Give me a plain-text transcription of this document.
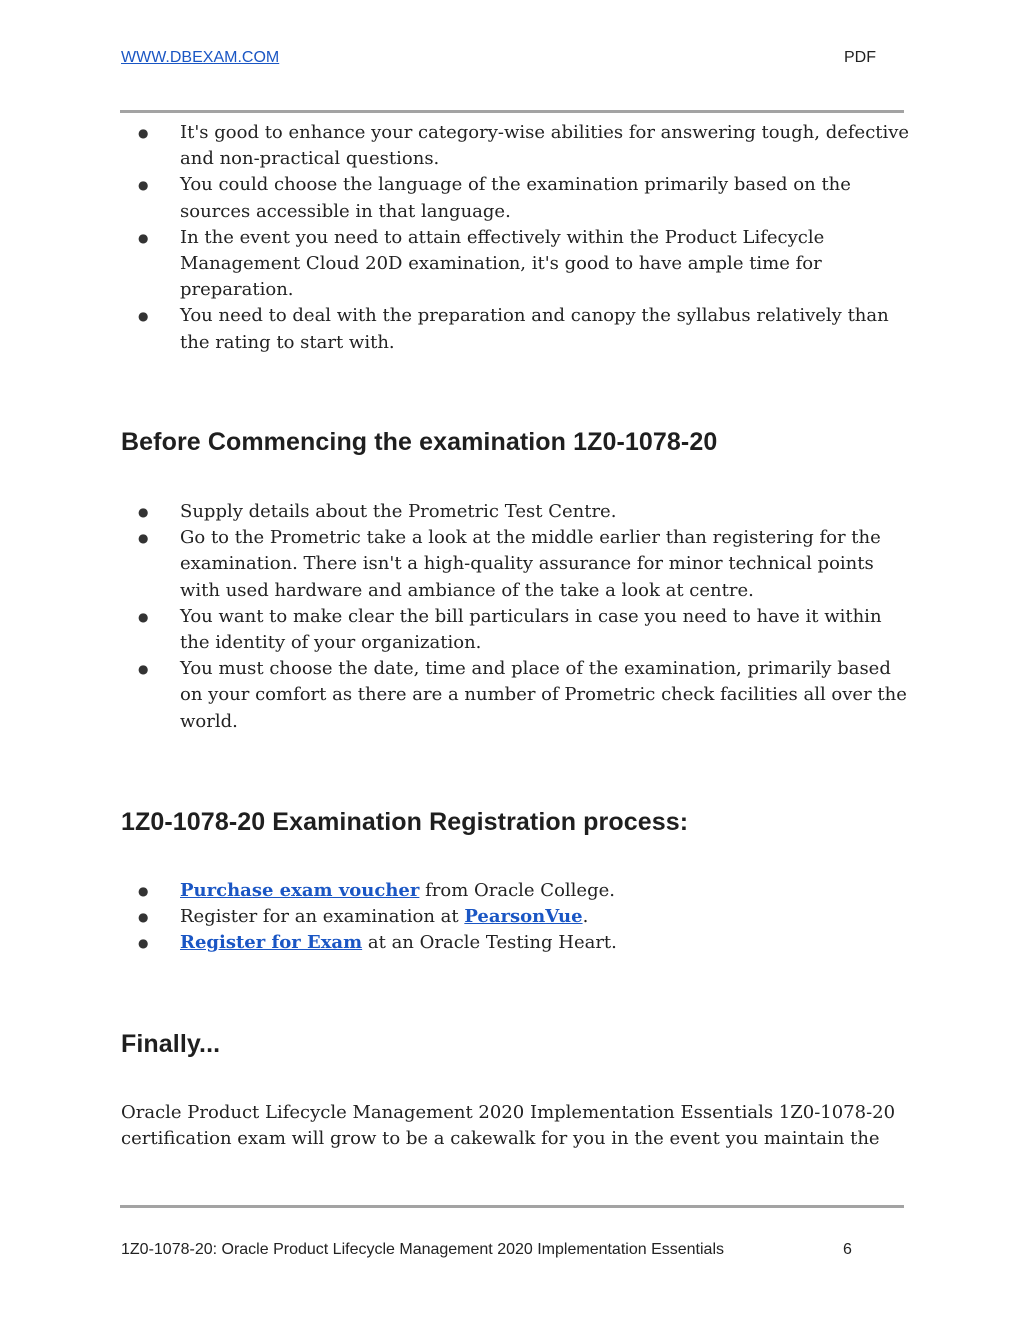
WWW.DBEXAM.COM	PDF
● It's good to enhance your category-wise abilities for answering tough, defective and non-practical questions.
● You could choose the language of the examination primarily based on the sources accessible in that language.
● In the event you need to attain effectively within the Product Lifecycle Management Cloud 20D examination, it's good to have ample time for preparation.
● You need to deal with the preparation and canopy the syllabus relatively than the rating to start with.
Before Commencing the examination 1Z0-1078-20
● Supply details about the Prometric Test Centre.
● Go to the Prometric take a look at the middle earlier than registering for the examination. There isn't a high-quality assurance for minor technical points with used hardware and ambiance of the take a look at centre.
● You want to make clear the bill particulars in case you need to have it within the identity of your organization.
● You must choose the date, time and place of the examination, primarily based on your comfort as there are a number of Prometric check facilities all over the world.
1Z0-1078-20 Examination Registration process:
● Purchase exam voucher from Oracle College.
● Register for an examination at PearsonVue.
● Register for Exam at an Oracle Testing Heart.
Finally...

Oracle Product Lifecycle Management 2020 Implementation Essentials 1Z0-1078-20 certification exam will grow to be a cakewalk for you in the event you maintain the

1Z0-1078-20: Oracle Product Lifecycle Management 2020 Implementation Essentials	6
